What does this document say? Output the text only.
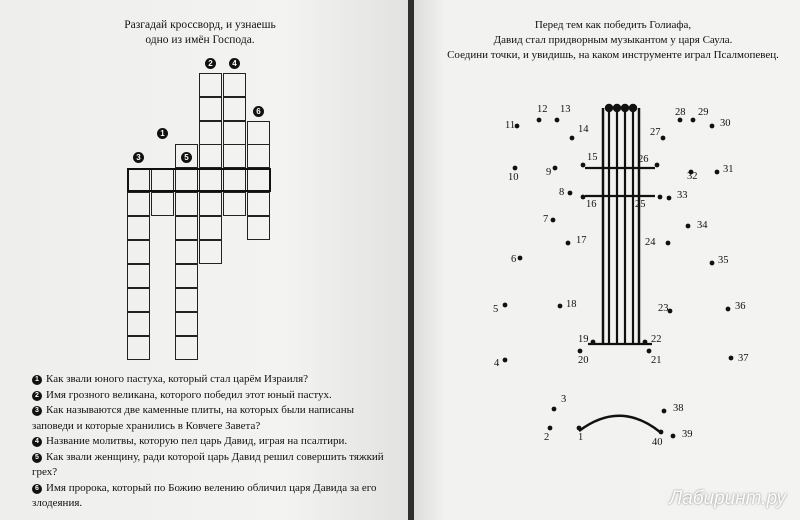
Разгадай кроссворд, и узнаешь
одно из имён Господа.
1
2
3
4
5
6
1 Как звали юного пастуха, который стал царём Израиля?
2 Имя грозного великана, которого победил этот юный пастух.
3 Как называются две каменные плиты, на которых были написаны заповеди и которые хранились в Ковчеге Завета?
4 Название молитвы, которую пел царь Давид, играя на псалтири.
5 Как звали женщину, ради которой царь Давид решил совершить тяжкий грех?
6 Имя пророка, который по Божию велению обличил царя Давида за его злодеяния.
Перед тем как победить Голиафа,
Давид стал придворным музыкантом у царя Саула.
Соедини точки, и увидишь, на каком инструменте играл Псалмопевец.
1
2
3
4
5
6
7
8
9
10
11
12 13
14
15
16
17
18
19
20	21
22
23
24
25
26
27
28 29
30
31
32
33
34
35
36
37
38
39
40
Лабиринт.ру
